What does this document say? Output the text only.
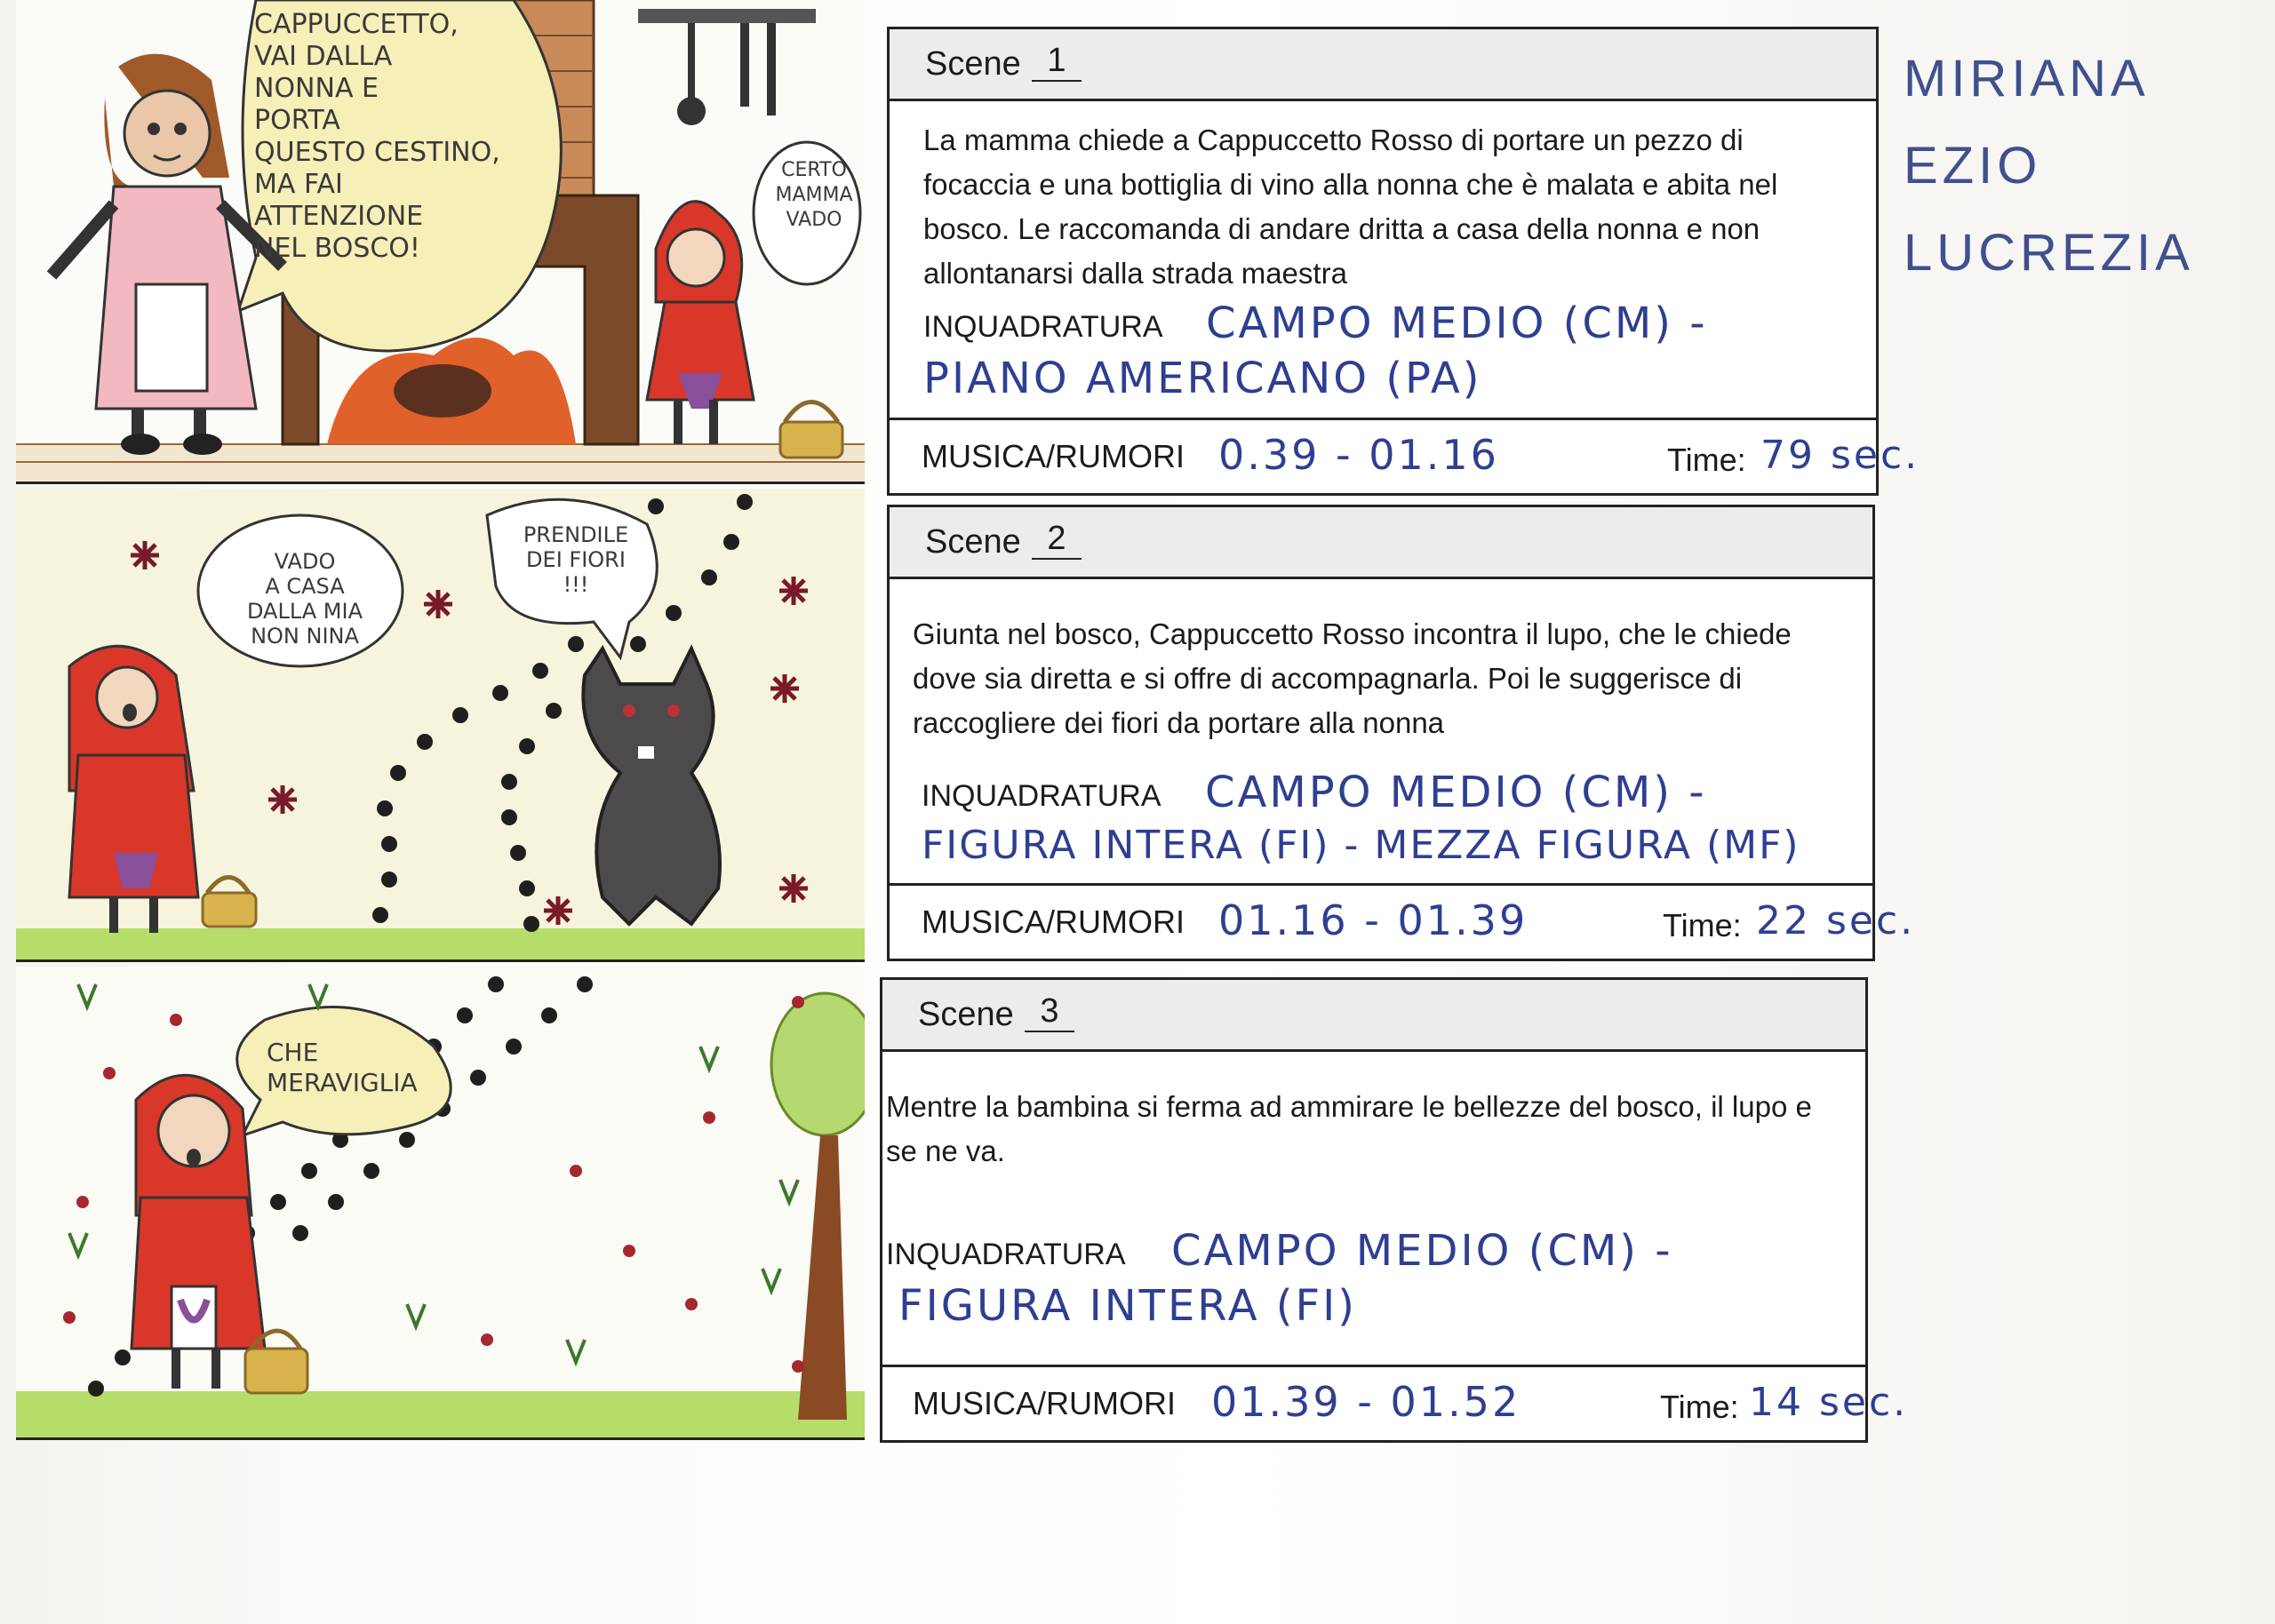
CAPPUCCETTO,
VAI DALLA
NONNA E
PORTA
QUESTO CESTINO,
MA FAI
ATTENZIONE
NEL BOSCO!
CERTO
MAMMA
VADO
VADO
A CASA
DALLA MIA
NON NINA
PRENDILE
DEI FIORI
!!!
CHE
MERAVIGLIA
Scene 1
La mamma chiede a Cappuccetto Rosso di portare un pezzo di focaccia e una bottiglia di vino alla nonna che è malata e abita nel bosco. Le raccomanda di andare dritta a casa della nonna e non allontanarsi dalla strada maestra
INQUADRATURA CAMPO MEDIO (CM) -
PIANO AMERICANO (PA)
MUSICA/RUMORI 0.39 - 01.16	Time: 79 sec.
Scene 2
Giunta nel bosco, Cappuccetto Rosso incontra il lupo, che le chiede dove sia diretta e si offre di accompagnarla. Poi le suggerisce di raccogliere dei fiori da portare alla nonna
INQUADRATURA CAMPO MEDIO (CM) -
FIGURA INTERA (FI) - MEZZA FIGURA (MF)
MUSICA/RUMORI 01.16 - 01.39	Time: 22 sec.
Scene 3
Mentre la bambina si ferma ad ammirare le bellezze del bosco, il lupo e se ne va.
INQUADRATURA CAMPO MEDIO (CM) -
FIGURA INTERA (FI)
MUSICA/RUMORI 01.39 - 01.52	Time: 14 sec.
MIRIANA
EZIO
LUCREZIA
